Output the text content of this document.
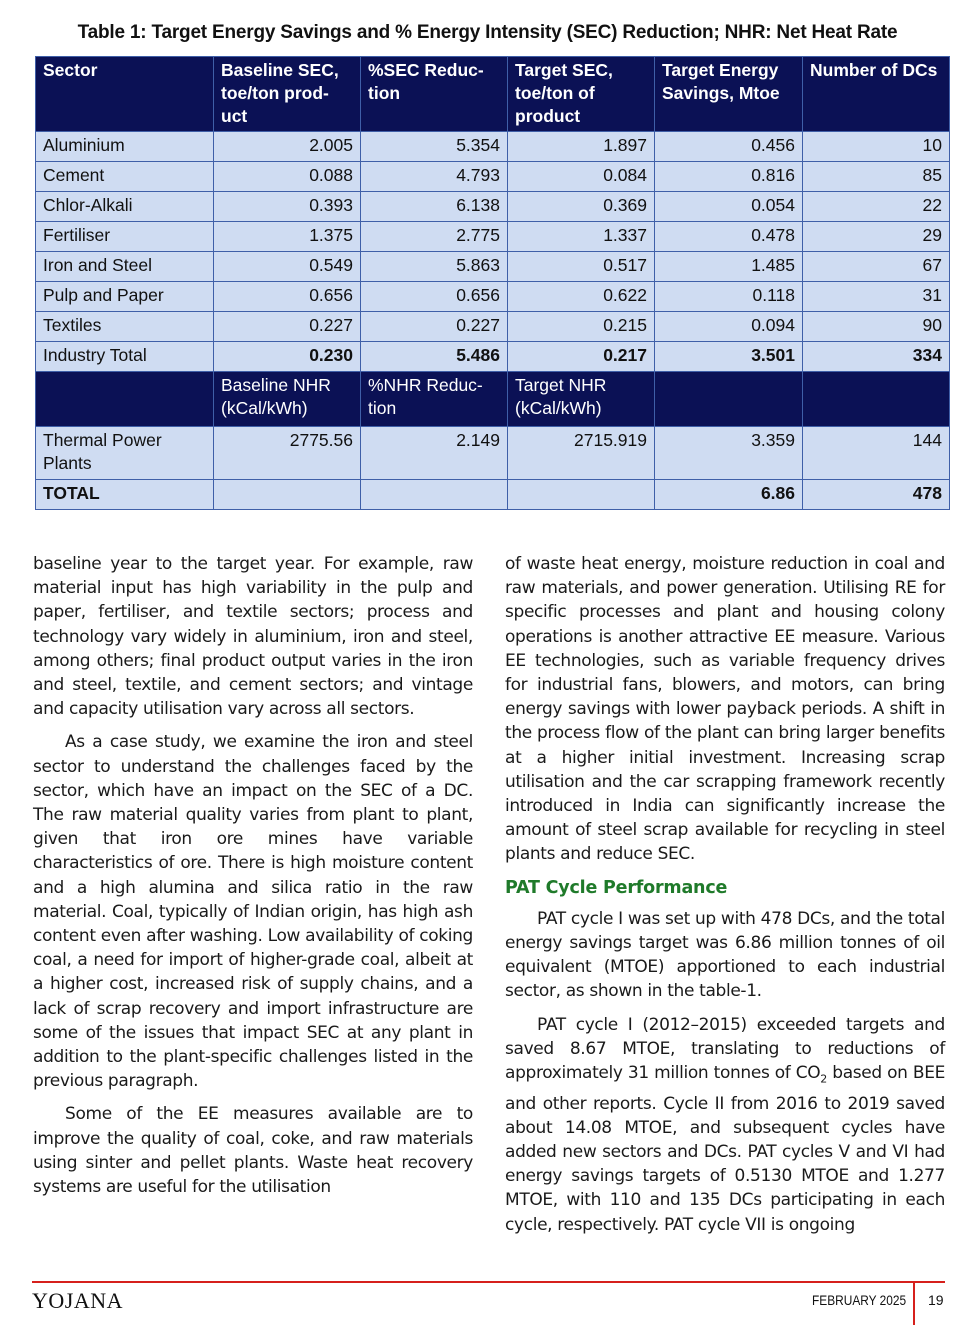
Table 1: Target Energy Savings and % Energy Intensity (SEC) Reduction; NHR: Net Heat Rate
Sector	Baseline SEC, toe/ton prod-uct	%SEC Reduc-tion	Target SEC, toe/ton of product	Target Energy Savings, Mtoe	Number of DCs
Aluminium	2.005	5.354	1.897	0.456	10
Cement	0.088	4.793	0.084	0.816	85
Chlor-Alkali	0.393	6.138	0.369	0.054	22
Fertiliser	1.375	2.775	1.337	0.478	29
Iron and Steel	0.549	5.863	0.517	1.485	67
Pulp and Paper	0.656	0.656	0.622	0.118	31
Textiles	0.227	0.227	0.215	0.094	90
Industry Total	0.230	5.486	0.217	3.501	334
	Baseline NHR (kCal/kWh)	%NHR Reduc-tion	Target NHR (kCal/kWh)		
Thermal Power Plants	2775.56	2.149	2715.919	3.359	144
TOTAL				6.86	478

baseline year to the target year. For example, raw material input has high variability in the pulp and paper, fertiliser, and textile sectors; process and technology vary widely in aluminium, iron and steel, among others; final product output varies in the iron and steel, textile, and cement sectors; and vintage and capacity utilisation vary across all sectors.

As a case study, we examine the iron and steel sector to understand the challenges faced by the sector, which have an impact on the SEC of a DC. The raw material quality varies from plant to plant, given that iron ore mines have variable characteristics of ore. There is high moisture content and a high alumina and silica ratio in the raw material. Coal, typically of Indian origin, has high ash content even after washing. Low availability of coking coal, a need for import of higher-grade coal, albeit at a higher cost, increased risk of supply chains, and a lack of scrap recovery and import infrastructure are some of the issues that impact SEC at any plant in addition to the plant-specific challenges listed in the previous paragraph.

Some of the EE measures available are to improve the quality of coal, coke, and raw materials using sinter and pellet plants. Waste heat recovery systems are useful for the utilisation

of waste heat energy, moisture reduction in coal and raw materials, and power generation. Utilising RE for specific processes and plant and housing colony operations is another attractive EE measure. Various EE technologies, such as variable frequency drives for industrial fans, blowers, and motors, can bring energy savings with lower payback periods. A shift in the process flow of the plant can bring larger benefits at a higher initial investment. Increasing scrap utilisation and the car scrapping framework recently introduced in India can significantly increase the amount of steel scrap available for recycling in steel plants and reduce SEC.

PAT Cycle Performance

PAT cycle I was set up with 478 DCs, and the total energy savings target was 6.86 million tonnes of oil equivalent (MTOE) apportioned to each industrial sector, as shown in the table-1.

PAT cycle I (2012–2015) exceeded targets and saved 8.67 MTOE, translating to reductions of approximately 31 million tonnes of $CO_2$ based on BEE and other reports. Cycle II from 2016 to 2019 saved about 14.08 MTOE, and subsequent cycles have added new sectors and DCs. PAT cycles V and VI had energy savings targets of 0.5130 MTOE and 1.277 MTOE, with 110 and 135 DCs participating in each cycle, respectively. PAT cycle VII is ongoing

YOJANA	FEBRUARY 2025 19
